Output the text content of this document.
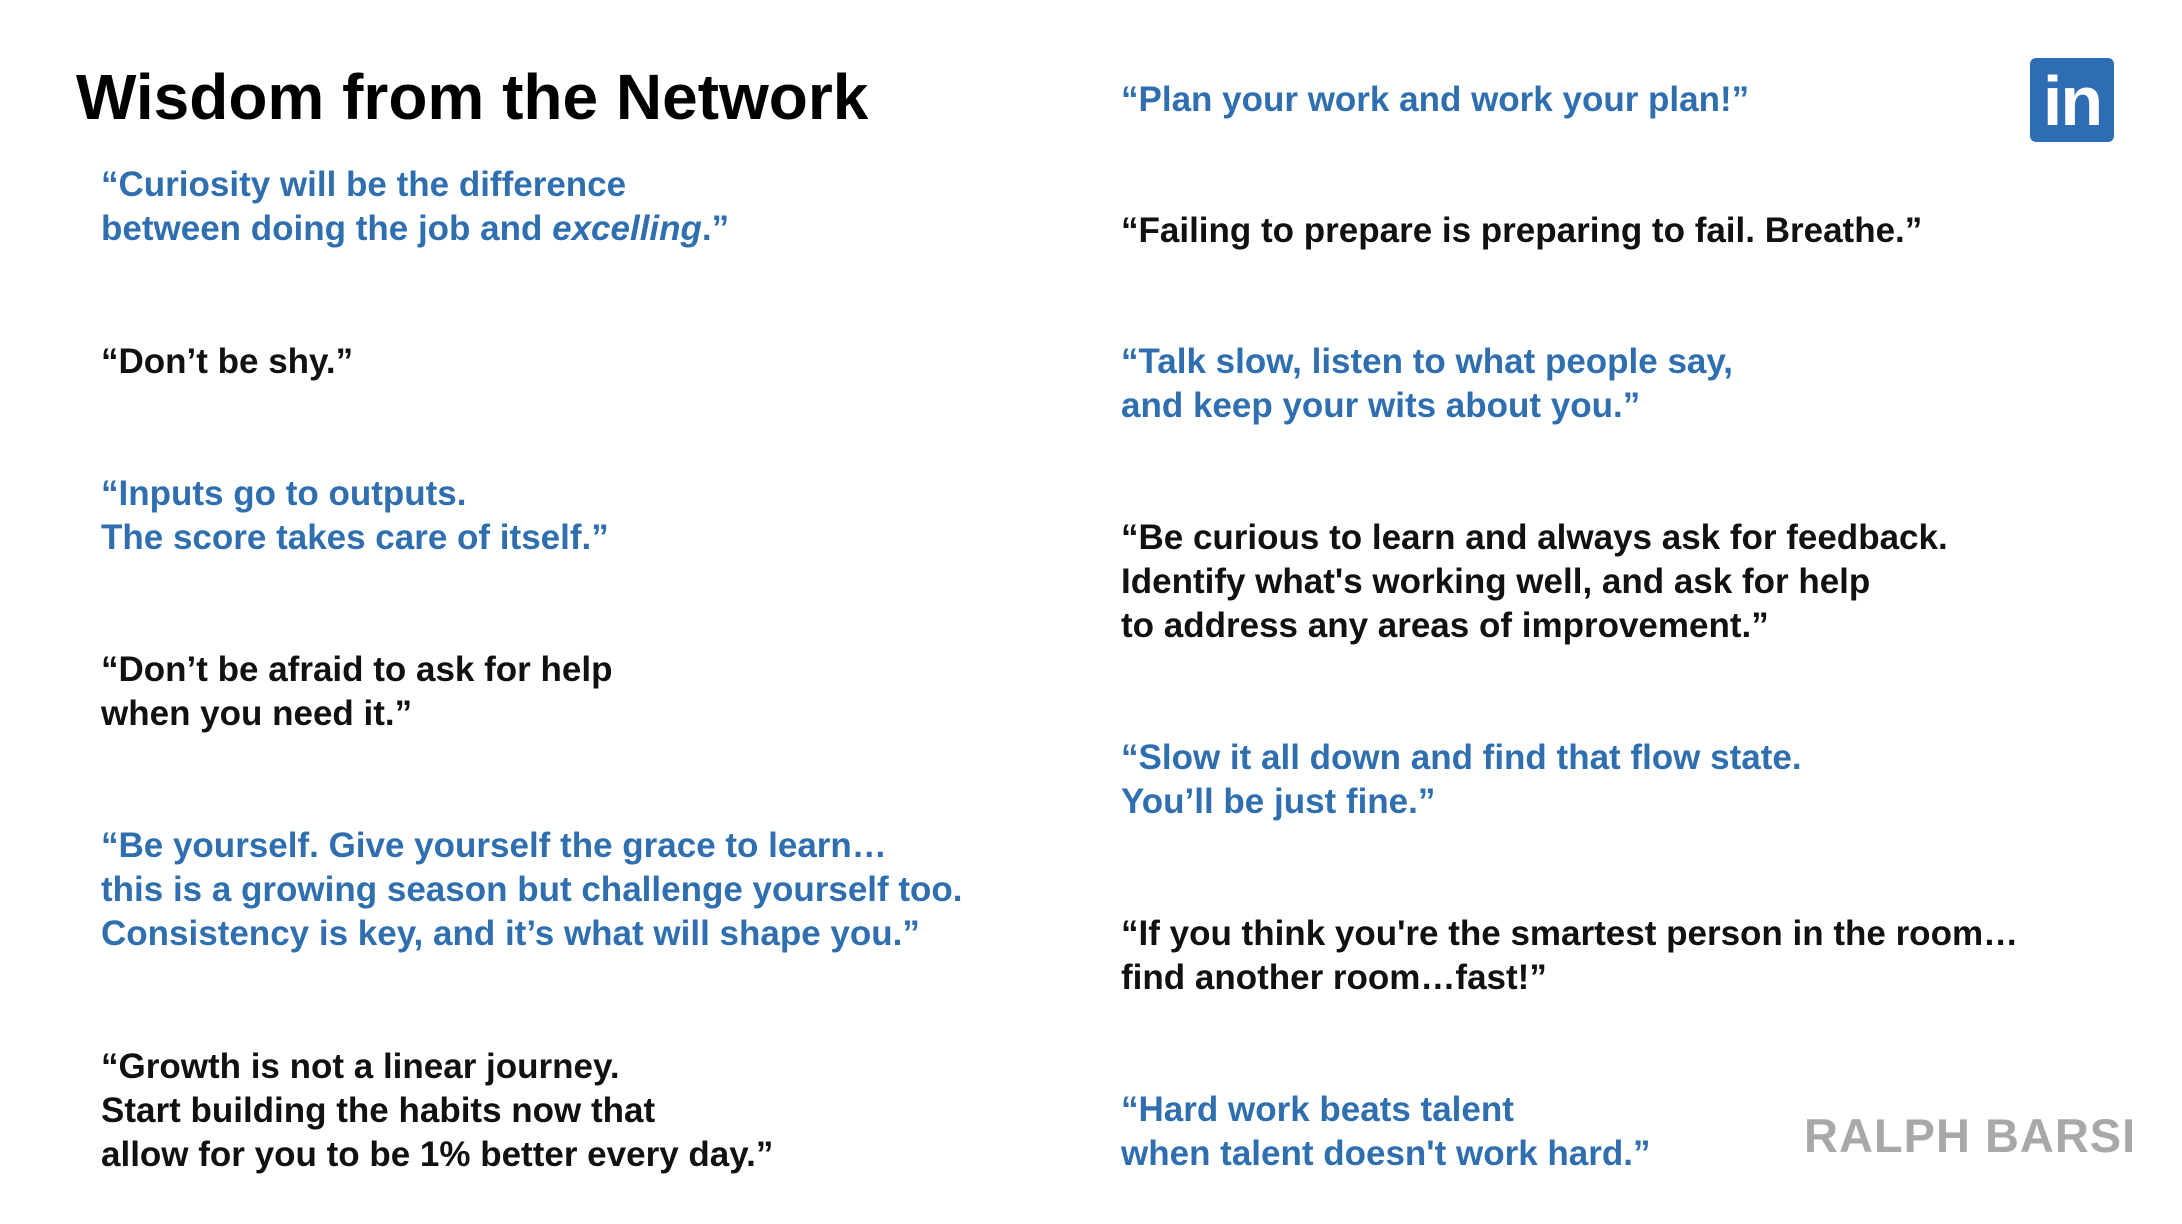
Wisdom from the Network

“Curiosity will be the difference
between doing the job and excelling.”

“Don’t be shy.”

“Inputs go to outputs.
The score takes care of itself.”

“Don’t be afraid to ask for help
when you need it.”

“Be yourself. Give yourself the grace to learn…
this is a growing season but challenge yourself too.
Consistency is key, and it’s what will shape you.”

“Growth is not a linear journey.
Start building the habits now that
allow for you to be 1% better every day.”

“Plan your work and work your plan!”

“Failing to prepare is preparing to fail. Breathe.”

“Talk slow, listen to what people say,
and keep your wits about you.”

“Be curious to learn and always ask for feedback.
Identify what's working well, and ask for help
to address any areas of improvement.”

“Slow it all down and find that flow state.
You’ll be just fine.”

“If you think you're the smartest person in the room…
find another room…fast!”

“Hard work beats talent
when talent doesn't work hard.”

in

RALPH BARSI
